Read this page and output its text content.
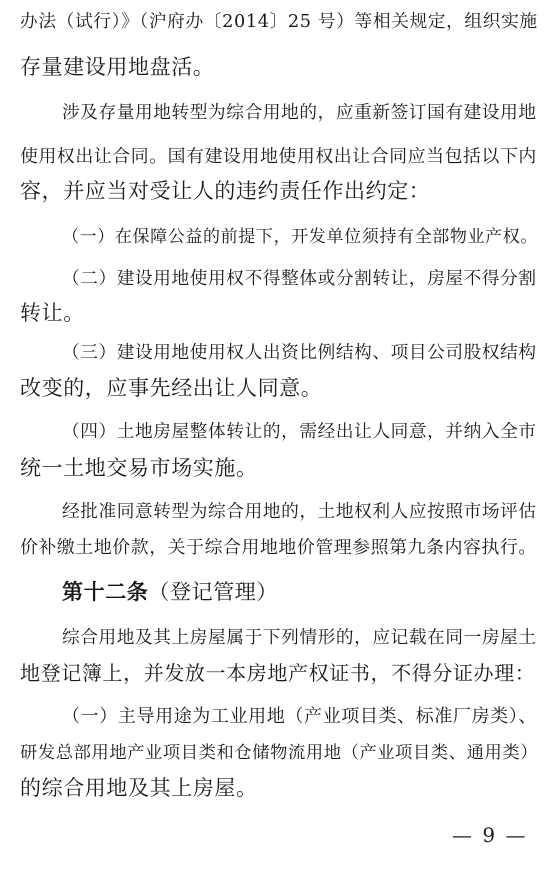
办法（试行）》（沪府办〔2014〕25 号）等相关规定，组织实施
存量建设用地盘活。
涉及存量用地转型为综合用地的，应重新签订国有建设用地
使用权出让合同。国有建设用地使用权出让合同应当包括以下内
容，并应当对受让人的违约责任作出约定：
（一）在保障公益的前提下，开发单位须持有全部物业产权。
（二）建设用地使用权不得整体或分割转让，房屋不得分割
转让。
（三）建设用地使用权人出资比例结构、项目公司股权结构
改变的，应事先经出让人同意。
（四）土地房屋整体转让的，需经出让人同意，并纳入全市
统一土地交易市场实施。
经批准同意转型为综合用地的，土地权利人应按照市场评估
价补缴土地价款，关于综合用地地价管理参照第九条内容执行。
第十二条（登记管理）
综合用地及其上房屋属于下列情形的，应记载在同一房屋土
地登记簿上，并发放一本房地产权证书，不得分证办理：
（一）主导用途为工业用地（产业项目类、标准厂房类）、
研发总部用地产业项目类和仓储物流用地（产业项目类、通用类）
的综合用地及其上房屋。
— 9 —
